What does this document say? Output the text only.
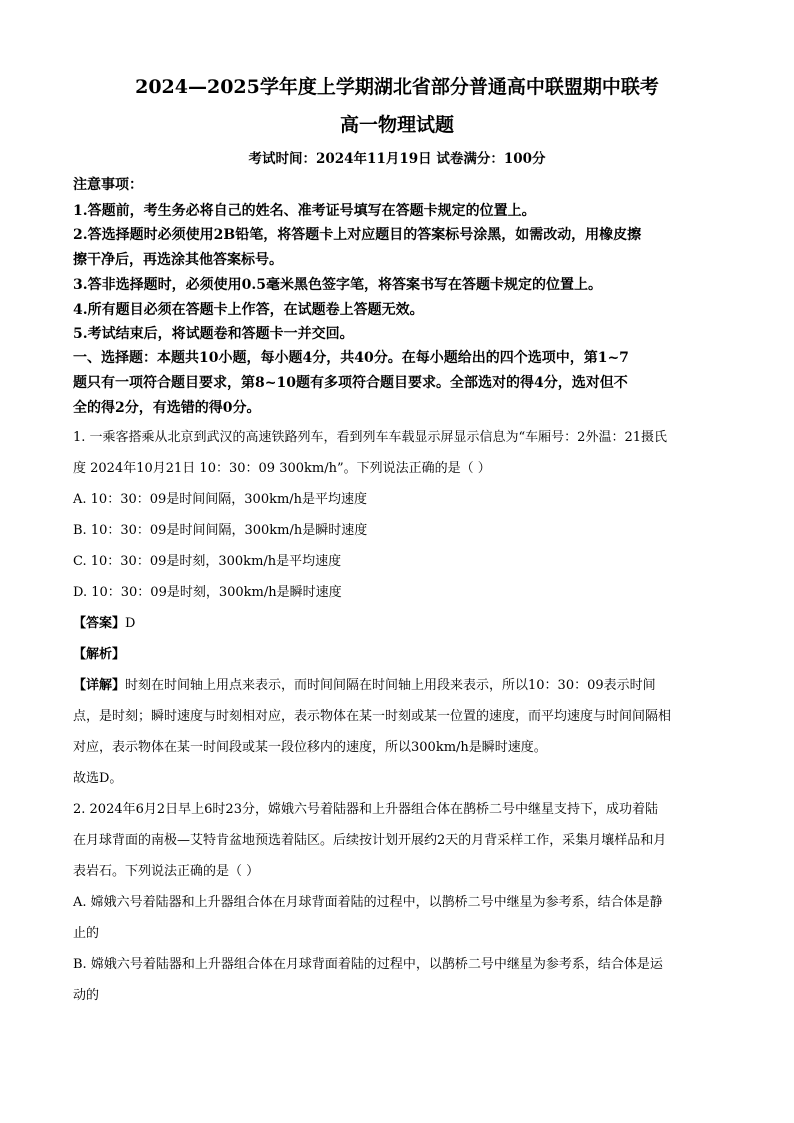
2024—2025学年度上学期湖北省部分普通高中联盟期中联考
高一物理试题
考试时间：2024年11月19日 试卷满分：100分
注意事项：
1.答题前，考生务必将自己的姓名、准考证号填写在答题卡规定的位置上。
2.答选择题时必须使用2B铅笔，将答题卡上对应题目的答案标号涂黑，如需改动，用橡皮擦
擦干净后，再选涂其他答案标号。
3.答非选择题时，必须使用0.5毫米黑色签字笔，将答案书写在答题卡规定的位置上。
4.所有题目必须在答题卡上作答，在试题卷上答题无效。
5.考试结束后，将试题卷和答题卡一并交回。
一、选择题：本题共10小题，每小题4分，共40分。在每小题给出的四个选项中，第1~7
题只有一项符合题目要求，第8~10题有多项符合题目要求。全部选对的得4分，选对但不
全的得2分，有选错的得0分。
1. 一乘客搭乘从北京到武汉的高速铁路列车，看到列车车载显示屏显示信息为“车厢号：2外温：21摄氏
度 2024年10月21日 10：30：09 300km/h”。下列说法正确的是（ ）
A. 10：30：09是时间间隔，300km/h是平均速度
B. 10：30：09是时间间隔，300km/h是瞬时速度
C. 10：30：09是时刻，300km/h是平均速度
D. 10：30：09是时刻，300km/h是瞬时速度
【答案】D
【解析】
【详解】时刻在时间轴上用点来表示，而时间间隔在时间轴上用段来表示，所以10：30：09表示时间
点，是时刻；瞬时速度与时刻相对应，表示物体在某一时刻或某一位置的速度，而平均速度与时间间隔相
对应，表示物体在某一时间段或某一段位移内的速度，所以300km/h是瞬时速度。
故选D。
2. 2024年6月2日早上6时23分，嫦娥六号着陆器和上升器组合体在鹊桥二号中继星支持下，成功着陆
在月球背面的南极—艾特肯盆地预选着陆区。后续按计划开展约2天的月背采样工作，采集月壤样品和月
表岩石。下列说法正确的是（ ）
A. 嫦娥六号着陆器和上升器组合体在月球背面着陆的过程中，以鹊桥二号中继星为参考系，结合体是静
止的
B. 嫦娥六号着陆器和上升器组合体在月球背面着陆的过程中，以鹊桥二号中继星为参考系，结合体是运
动的
